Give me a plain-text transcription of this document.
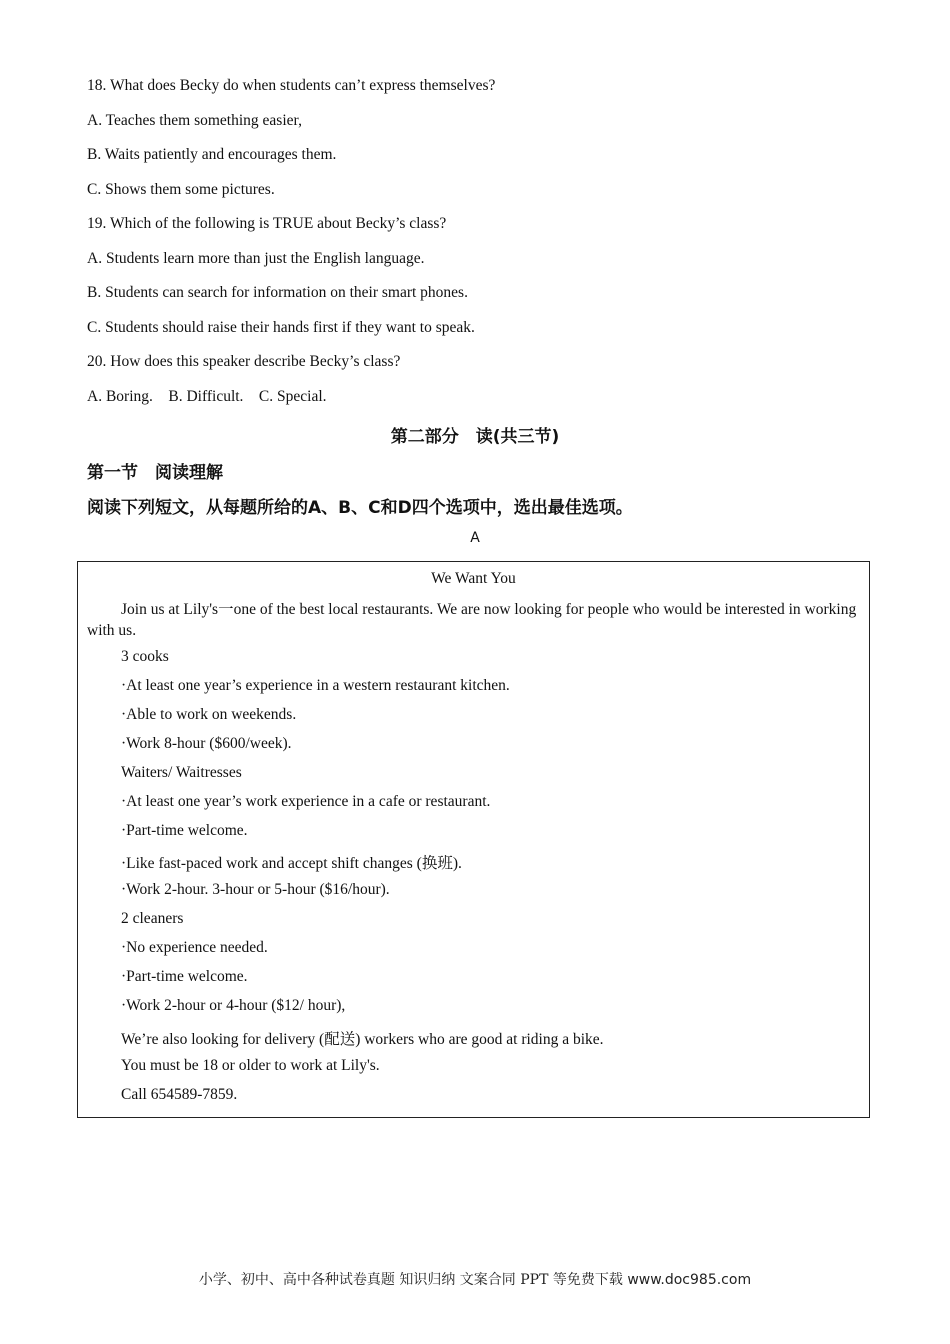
18. What does Becky do when students can’t express themselves?
A. Teaches them something easier,
B. Waits patiently and encourages them.
C. Shows them some pictures.
19. Which of the following is TRUE about Becky’s class?
A. Students learn more than just the English language.
B. Students can search for information on their smart phones.
C. Students should raise their hands first if they want to speak.
20. How does this speaker describe Becky’s class?
A. Boring.    B. Difficult.    C. Special.
第二部分　读(共三节)
第一节　阅读理解
阅读下列短文，从每题所给的A、B、C和D四个选项中，选出最佳选项。
A
We Want You
Join us at Lily's一one of the best local restaurants. We are now looking for people who would be interested in working with us.
3 cooks
·At least one year’s experience in a western restaurant kitchen.
·Able to work on weekends.
·Work 8-hour ($600/week).
Waiters/ Waitresses
·At least one year’s work experience in a cafe or restaurant.
·Part-time welcome.
·Like fast-paced work and accept shift changes (换班).
·Work 2-hour. 3-hour or 5-hour ($16/hour).
2 cleaners
·No experience needed.
·Part-time welcome.
·Work 2-hour or 4-hour ($12/ hour),
We’re also looking for delivery (配送) workers who are good at riding a bike.
You must be 18 or older to work at Lily's.
Call 654589-7859.
小学、初中、高中各种试卷真题 知识归纳 文案合同 PPT 等免费下载 www.doc985.com
